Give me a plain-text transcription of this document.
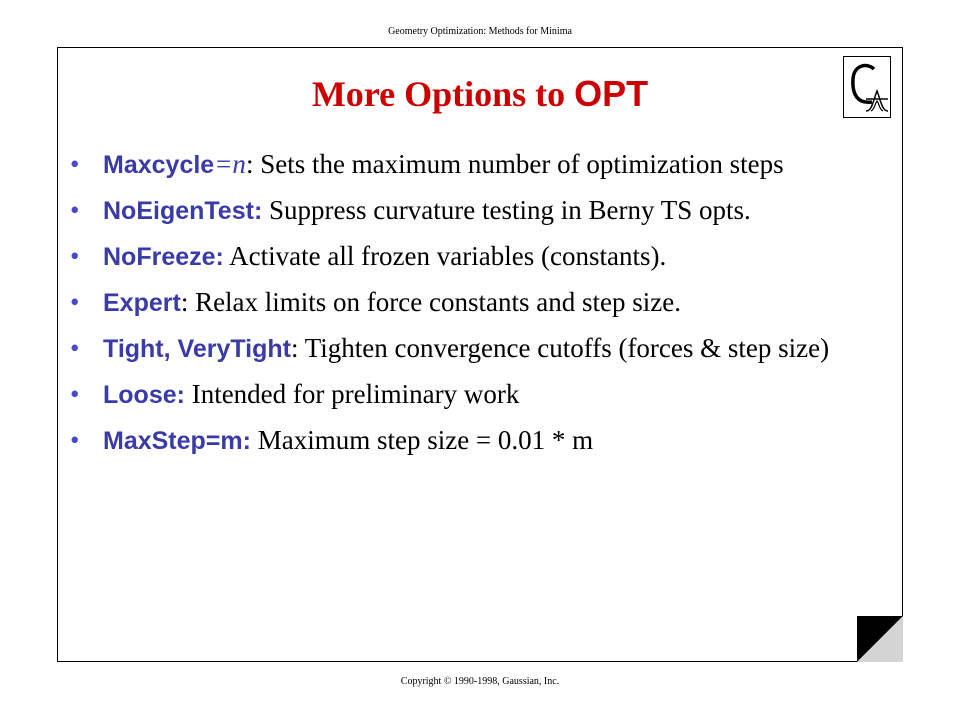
Geometry Optimization: Methods for Minima
More Options to OPT
• Maxcycle=n: Sets the maximum number of optimization steps
• NoEigenTest: Suppress curvature testing in Berny TS opts.
• NoFreeze: Activate all frozen variables (constants).
• Expert: Relax limits on force constants and step size.
• Tight, VeryTight: Tighten convergence cutoffs (forces & step size)
• Loose: Intended for preliminary work
• MaxStep=m: Maximum step size = 0.01 * m
Copyright © 1990-1998, Gaussian, Inc.
